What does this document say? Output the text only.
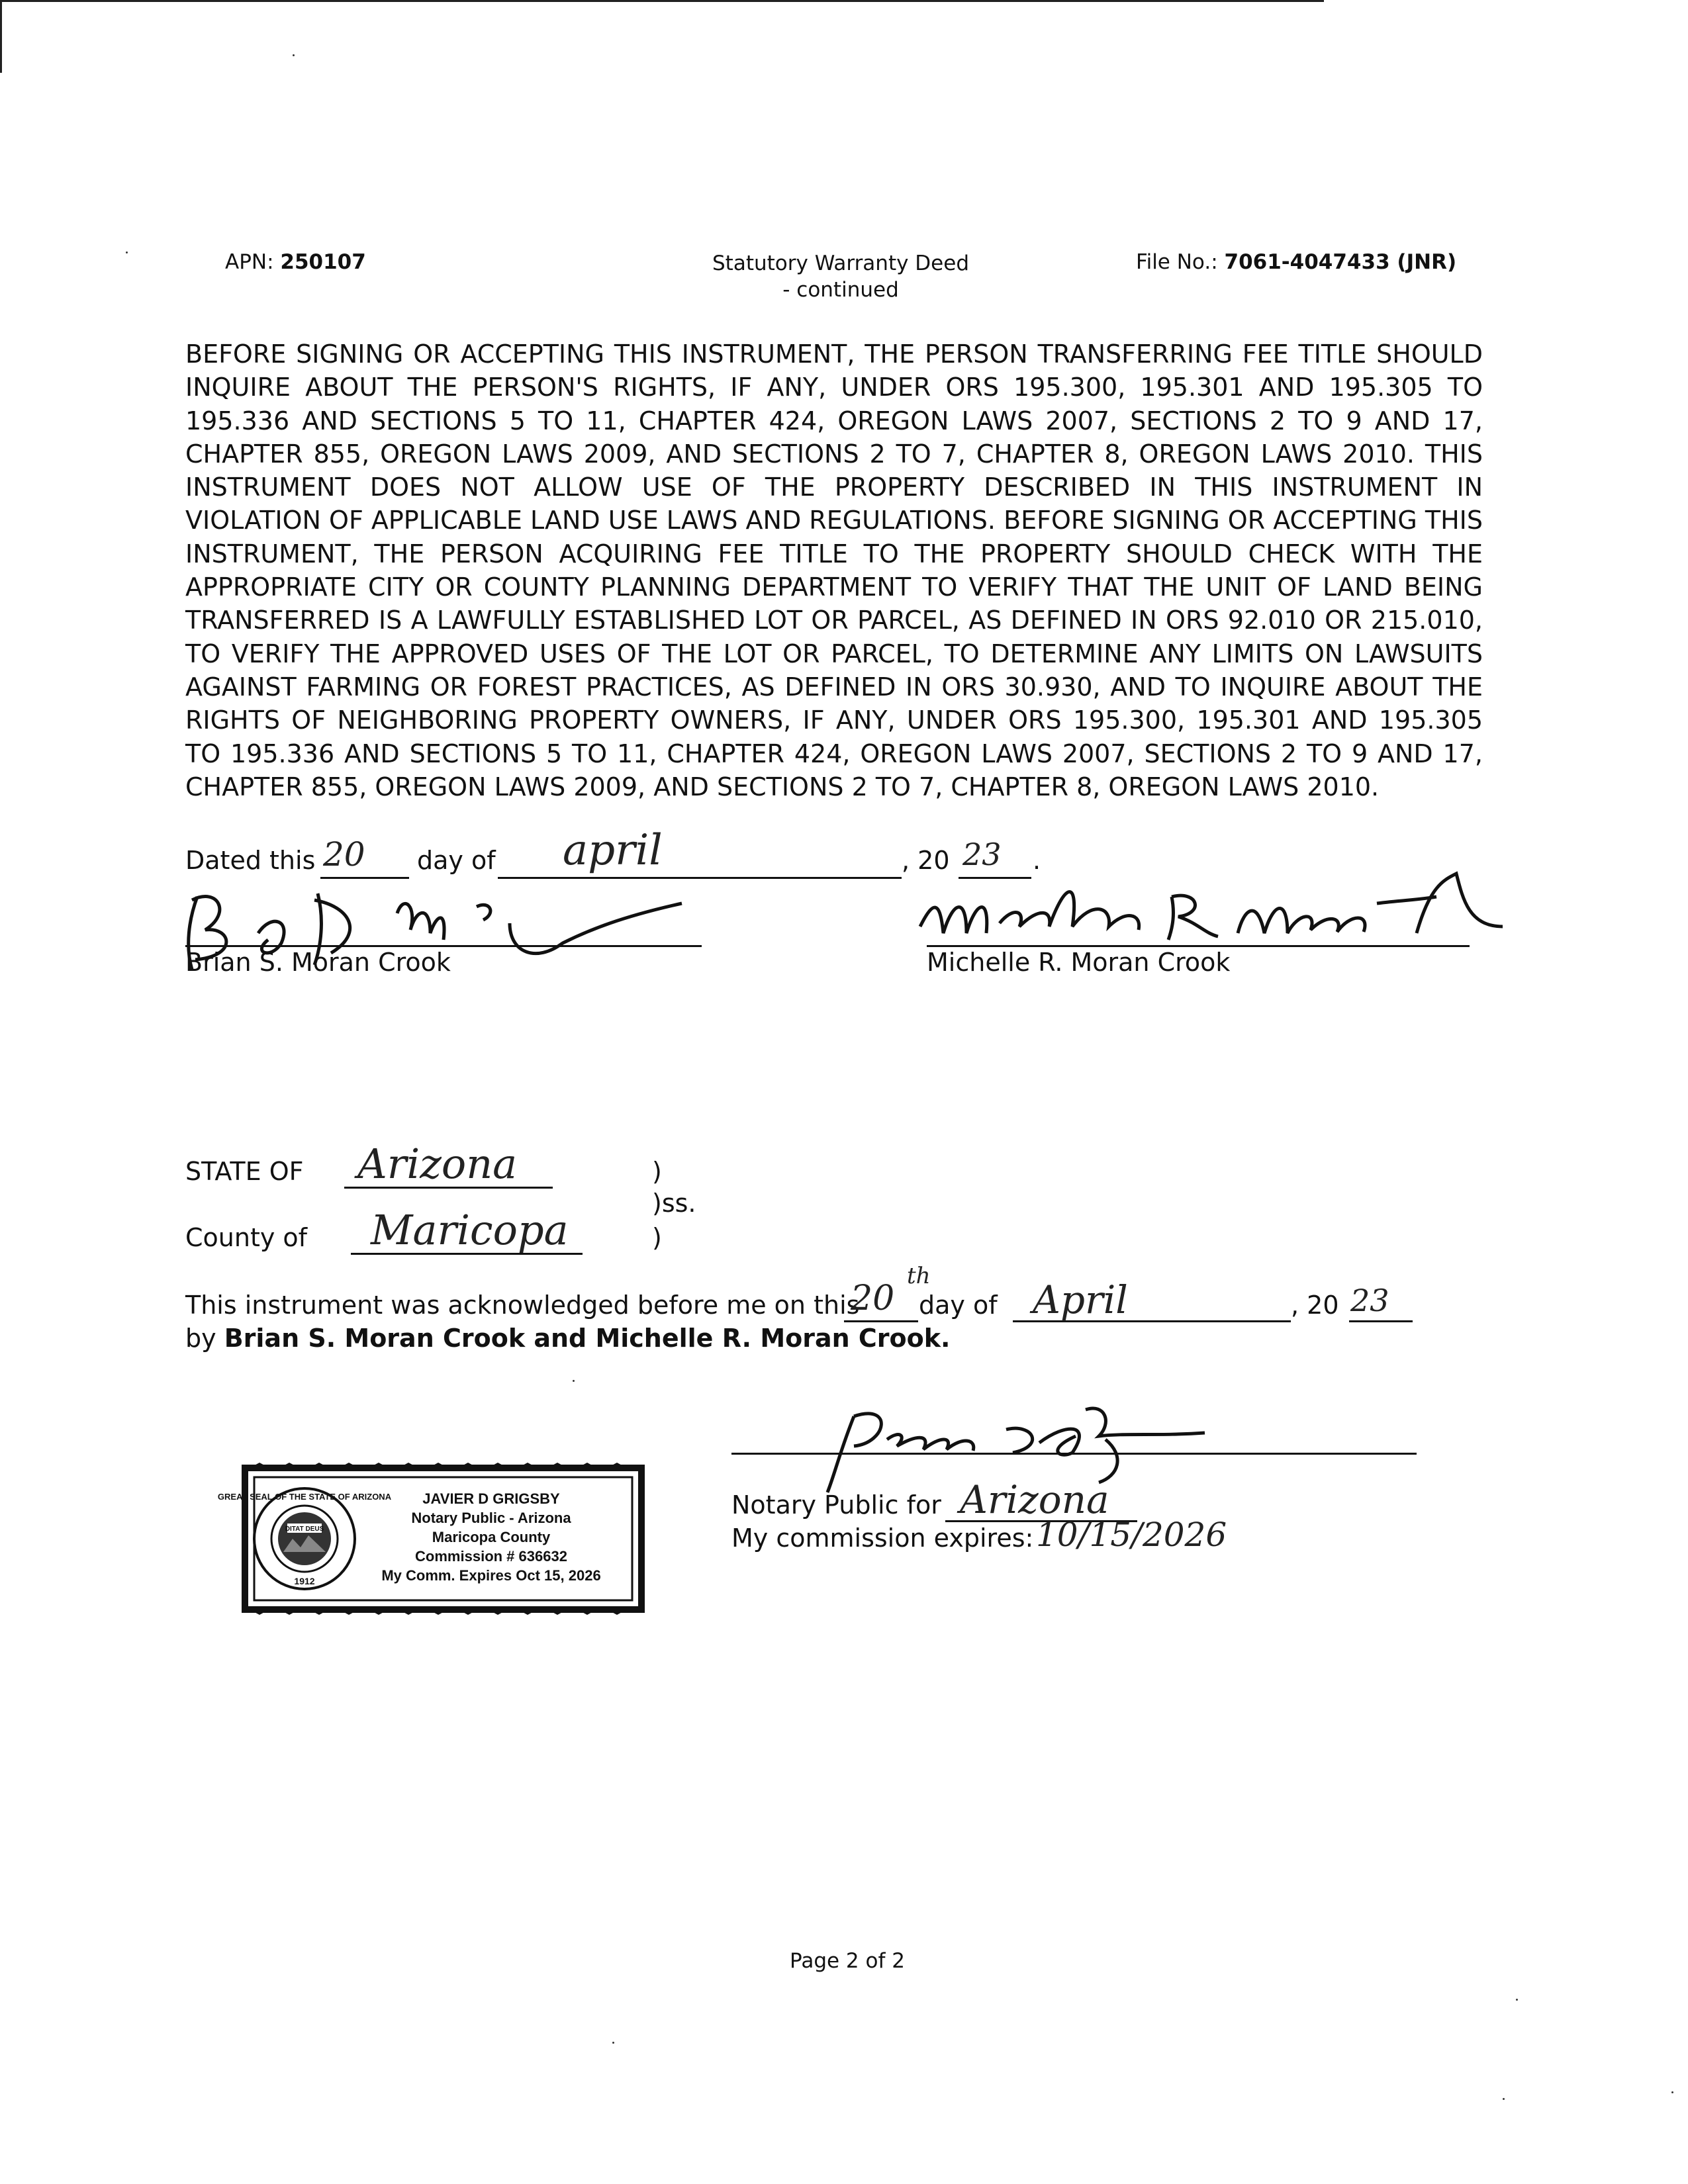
APN: 250107	Statutory Warranty Deed
- continued
File No.: 7061-4047433 (JNR)

BEFORE SIGNING OR ACCEPTING THIS INSTRUMENT, THE PERSON TRANSFERRING FEE TITLE SHOULD INQUIRE ABOUT THE PERSON'S RIGHTS, IF ANY, UNDER ORS 195.300, 195.301 AND 195.305 TO 195.336 AND SECTIONS 5 TO 11, CHAPTER 424, OREGON LAWS 2007, SECTIONS 2 TO 9 AND 17, CHAPTER 855, OREGON LAWS 2009, AND SECTIONS 2 TO 7, CHAPTER 8, OREGON LAWS 2010. THIS INSTRUMENT DOES NOT ALLOW USE OF THE PROPERTY DESCRIBED IN THIS INSTRUMENT IN VIOLATION OF APPLICABLE LAND USE LAWS AND REGULATIONS. BEFORE SIGNING OR ACCEPTING THIS INSTRUMENT, THE PERSON ACQUIRING FEE TITLE TO THE PROPERTY SHOULD CHECK WITH THE APPROPRIATE CITY OR COUNTY PLANNING DEPARTMENT TO VERIFY THAT THE UNIT OF LAND BEING TRANSFERRED IS A LAWFULLY ESTABLISHED LOT OR PARCEL, AS DEFINED IN ORS 92.010 OR 215.010, TO VERIFY THE APPROVED USES OF THE LOT OR PARCEL, TO DETERMINE ANY LIMITS ON LAWSUITS AGAINST FARMING OR FOREST PRACTICES, AS DEFINED IN ORS 30.930, AND TO INQUIRE ABOUT THE RIGHTS OF NEIGHBORING PROPERTY OWNERS, IF ANY, UNDER ORS 195.300, 195.301 AND 195.305 TO 195.336 AND SECTIONS 5 TO 11, CHAPTER 424, OREGON LAWS 2007, SECTIONS 2 TO 9 AND 17, CHAPTER 855, OREGON LAWS 2009, AND SECTIONS 2 TO 7, CHAPTER 8, OREGON LAWS 2010.

Dated this 20 day of april	, 20 23 .
Brian S. Moran Crook	Michelle R. Moran Crook
STATE OF Arizona	)
)ss.
County of Maricopa	)
This instrument was acknowledged before me on this
20
th
day of April	, 20 23
by Brian S. Moran Crook and Michelle R. Moran Crook.
Notary Public for Arizona
My commission expires: 10/15/2026
GREAT SEAL OF THE STATE OF ARIZONA
DITAT DEUS
1912
JAVIER D GRIGSBY
Notary Public - Arizona
Maricopa County
Commission # 636632
My Comm. Expires Oct 15, 2026
Page 2 of 2
